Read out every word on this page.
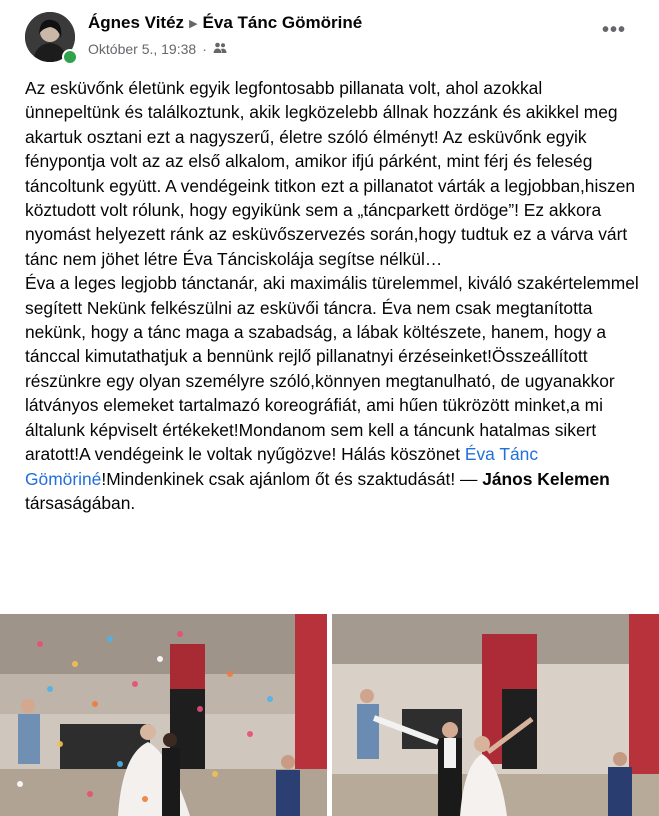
Ágnes Vitéz ▶ Éva Tánc Gömöriné
Október 5., 19:38 ·
•••

Az esküvőnk életünk egyik legfontosabb pillanata volt, ahol azokkal ünnepeltünk és találkoztunk, akik legközelebb állnak hozzánk és akikkel meg akartuk osztani ezt a nagyszerű, életre szóló élményt! Az esküvőnk egyik fénypontja volt az az első alkalom, amikor ifjú párként, mint férj és feleség táncoltunk együtt. A vendégeink titkon ezt a pillanatot várták a legjobban,hiszen köztudott volt rólunk, hogy egyikünk sem a „táncparkett ördöge”! Ez akkora nyomást helyezett ránk az esküvőszervezés során,hogy tudtuk ez a várva várt tánc nem jöhet létre Éva Tánciskolája segítse nélkül…

Éva a leges legjobb tánctanár, aki maximális türelemmel, kiváló szakértelemmel segített Nekünk felkészülni az esküvői táncra. Éva nem csak megtanította nekünk, hogy a tánc maga a szabadság, a lábak költészete, hanem, hogy a tánccal kimutathatjuk a bennünk rejlő pillanatnyi érzéseinket!Összeállított részünkre egy olyan személyre szóló,könnyen megtanulható, de ugyanakkor látványos elemeket tartalmazó koreográfiát, ami hűen tükrözött minket,a mi általunk képviselt értékeket!Mondanom sem kell a táncunk hatalmas sikert aratott!A vendégeink le voltak nyűgözve! Hálás köszönet Éva Tánc Gömöriné!Mindenkinek csak ajánlom őt és szaktudását! — János Kelemen társaságában.
